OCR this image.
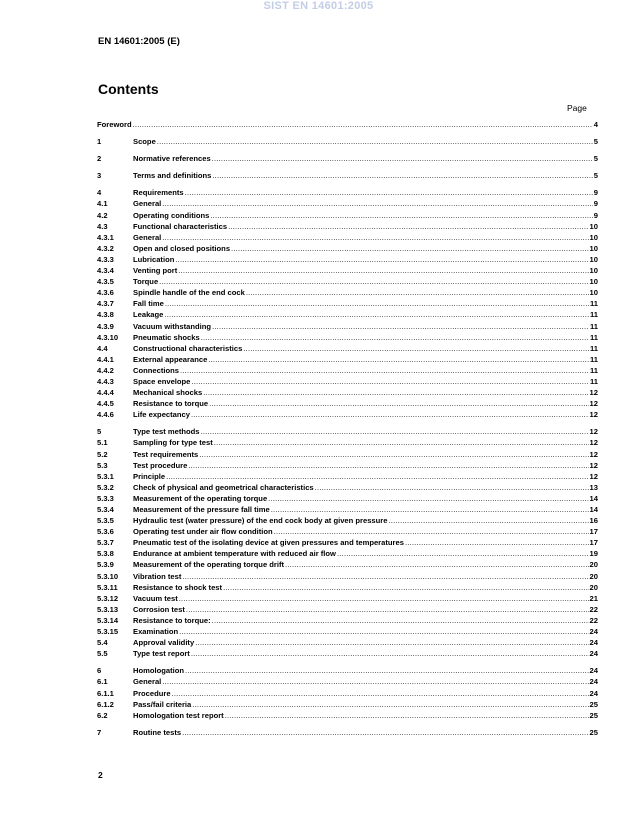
SIST EN 14601:2005
EN 14601:2005 (E)
Contents
Page
Foreword .....	4
1	Scope .....	5
2	Normative references .....	5
3	Terms and definitions .....	5
4	Requirements .....	9
4.1	General .....	9
4.2	Operating conditions .....	9
4.3	Functional characteristics .....	10
4.3.1	General .....	10
4.3.2	Open and closed positions .....	10
4.3.3	Lubrication .....	10
4.3.4	Venting port .....	10
4.3.5	Torque .....	10
4.3.6	Spindle handle of the end cock .....	10
4.3.7	Fall time .....	11
4.3.8	Leakage .....	11
4.3.9	Vacuum withstanding .....	11
4.3.10	Pneumatic shocks .....	11
4.4	Constructional characteristics .....	11
4.4.1	External appearance .....	11
4.4.2	Connections .....	11
4.4.3	Space envelope .....	11
4.4.4	Mechanical shocks .....	12
4.4.5	Resistance to torque .....	12
4.4.6	Life expectancy .....	12
5	Type test methods .....	12
5.1	Sampling for type test .....	12
5.2	Test requirements .....	12
5.3	Test procedure .....	12
5.3.1	Principle .....	12
5.3.2	Check of physical and geometrical characteristics .....	13
5.3.3	Measurement of the operating torque .....	14
5.3.4	Measurement of the pressure fall time .....	14
5.3.5	Hydraulic test (water pressure) of the end cock body at given pressure .....	16
5.3.6	Operating test under air flow condition .....	17
5.3.7	Pneumatic test of the isolating device at given pressures and temperatures .....	17
5.3.8	Endurance at ambient temperature with reduced air flow .....	19
5.3.9	Measurement of the operating torque drift .....	20
5.3.10	Vibration test .....	20
5.3.11	Resistance to shock test .....	20
5.3.12	Vacuum test .....	21
5.3.13	Corrosion test .....	22
5.3.14	Resistance to torque: .....	22
5.3.15	Examination .....	24
5.4	Approval validity .....	24
5.5	Type test report .....	24
6	Homologation .....	24
6.1	General .....	24
6.1.1	Procedure .....	24
6.1.2	Pass/fail criteria .....	25
6.2	Homologation test report .....	25
7	Routine tests .....	25
2
